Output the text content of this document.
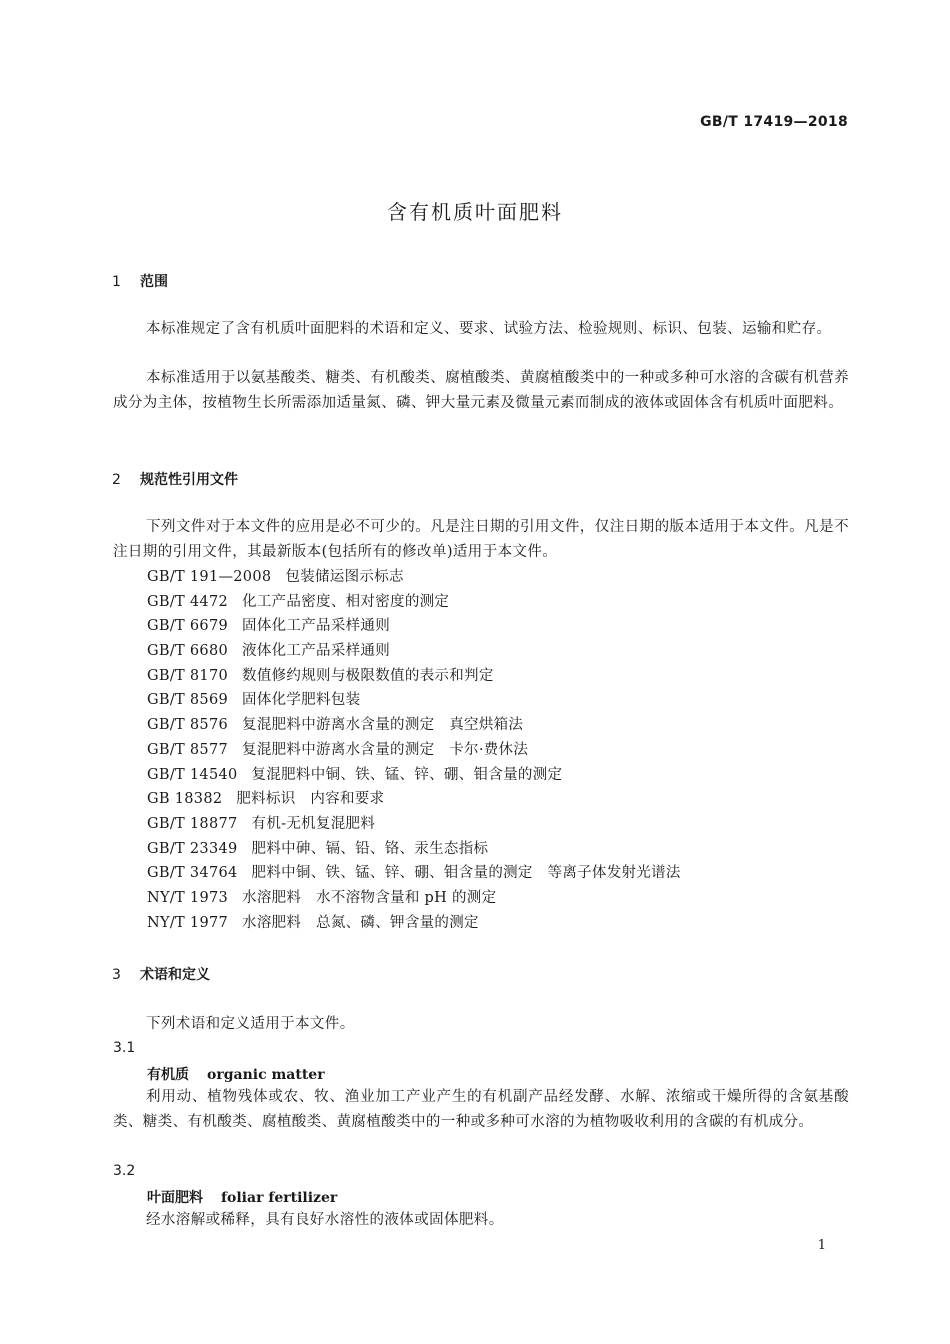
GB/T 17419—2018
含有机质叶面肥料
1 范围

本标准规定了含有机质叶面肥料的术语和定义、要求、试验方法、检验规则、标识、包装、运输和贮存。

本标准适用于以氨基酸类、糖类、有机酸类、腐植酸类、黄腐植酸类中的一种或多种可水溶的含碳有机营养成分为主体，按植物生长所需添加适量氮、磷、钾大量元素及微量元素而制成的液体或固体含有机质叶面肥料。

2 规范性引用文件

下列文件对于本文件的应用是必不可少的。凡是注日期的引用文件，仅注日期的版本适用于本文件。凡是不注日期的引用文件，其最新版本(包括所有的修改单)适用于本文件。

GB/T 191—2008 包装储运图示标志
GB/T 4472 化工产品密度、相对密度的测定
GB/T 6679 固体化工产品采样通则
GB/T 6680 液体化工产品采样通则
GB/T 8170 数值修约规则与极限数值的表示和判定
GB/T 8569 固体化学肥料包装
GB/T 8576 复混肥料中游离水含量的测定　真空烘箱法
GB/T 8577 复混肥料中游离水含量的测定　卡尔·费休法
GB/T 14540 复混肥料中铜、铁、锰、锌、硼、钼含量的测定
GB 18382 肥料标识　内容和要求
GB/T 18877 有机-无机复混肥料
GB/T 23349 肥料中砷、镉、铅、铬、汞生态指标
GB/T 34764 肥料中铜、铁、锰、锌、硼、钼含量的测定　等离子体发射光谱法
NY/T 1973 水溶肥料　水不溶物含量和 pH 的测定
NY/T 1977 水溶肥料　总氮、磷、钾含量的测定
3 术语和定义

下列术语和定义适用于本文件。

3.1
有机质 organic matter

利用动、植物残体或农、牧、渔业加工产业产生的有机副产品经发酵、水解、浓缩或干燥所得的含氨基酸类、糖类、有机酸类、腐植酸类、黄腐植酸类中的一种或多种可水溶的为植物吸收利用的含碳的有机成分。

3.2
叶面肥料 foliar fertilizer

经水溶解或稀释，具有良好水溶性的液体或固体肥料。

1
